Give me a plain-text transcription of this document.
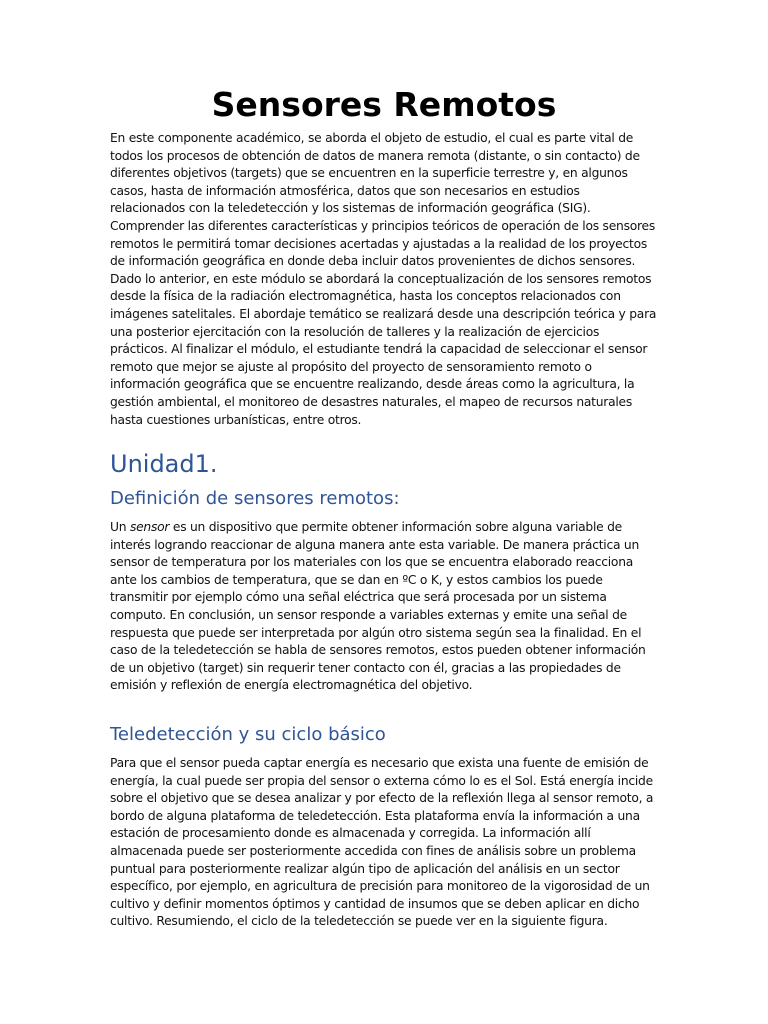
Sensores Remotos

En este componente académico, se aborda el objeto de estudio, el cual es parte vital de todos los procesos de obtención de datos de manera remota (distante, o sin contacto) de diferentes objetivos (targets) que se encuentren en la superficie terrestre y, en algunos casos, hasta de información atmosférica, datos que son necesarios en estudios relacionados con la teledetección y los sistemas de información geográfica (SIG). Comprender las diferentes características y principios teóricos de operación de los sensores remotos le permitirá tomar decisiones acertadas y ajustadas a la realidad de los proyectos de información geográfica en donde deba incluir datos provenientes de dichos sensores. Dado lo anterior, en este módulo se abordará la conceptualización de los sensores remotos desde la física de la radiación electromagnética, hasta los conceptos relacionados con imágenes satelitales. El abordaje temático se realizará desde una descripción teórica y para una posterior ejercitación con la resolución de talleres y la realización de ejercicios prácticos. Al finalizar el módulo, el estudiante tendrá la capacidad de seleccionar el sensor remoto que mejor se ajuste al propósito del proyecto de sensoramiento remoto o información geográfica que se encuentre realizando, desde áreas como la agricultura, la gestión ambiental, el monitoreo de desastres naturales, el mapeo de recursos naturales hasta cuestiones urbanísticas, entre otros.

Unidad1.
Definición de sensores remotos:

Un sensor es un dispositivo que permite obtener información sobre alguna variable de interés logrando reaccionar de alguna manera ante esta variable. De manera práctica un sensor de temperatura por los materiales con los que se encuentra elaborado reacciona ante los cambios de temperatura, que se dan en ºC o K, y estos cambios los puede transmitir por ejemplo cómo una señal eléctrica que será procesada por un sistema computo. En conclusión, un sensor responde a variables externas y emite una señal de respuesta que puede ser interpretada por algún otro sistema según sea la finalidad. En el caso de la teledetección se habla de sensores remotos, estos pueden obtener información de un objetivo (target) sin requerir tener contacto con él, gracias a las propiedades de emisión y reflexión de energía electromagnética del objetivo.

Teledetección y su ciclo básico

Para que el sensor pueda captar energía es necesario que exista una fuente de emisión de energía, la cual puede ser propia del sensor o externa cómo lo es el Sol. Está energía incide sobre el objetivo que se desea analizar y por efecto de la reflexión llega al sensor remoto, a bordo de alguna plataforma de teledetección. Esta plataforma envía la información a una estación de procesamiento donde es almacenada y corregida. La información allí almacenada puede ser posteriormente accedida con fines de análisis sobre un problema puntual para posteriormente realizar algún tipo de aplicación del análisis en un sector específico, por ejemplo, en agricultura de precisión para monitoreo de la vigorosidad de un cultivo y definir momentos óptimos y cantidad de insumos que se deben aplicar en dicho cultivo. Resumiendo, el ciclo de la teledetección se puede ver en la siguiente figura.
